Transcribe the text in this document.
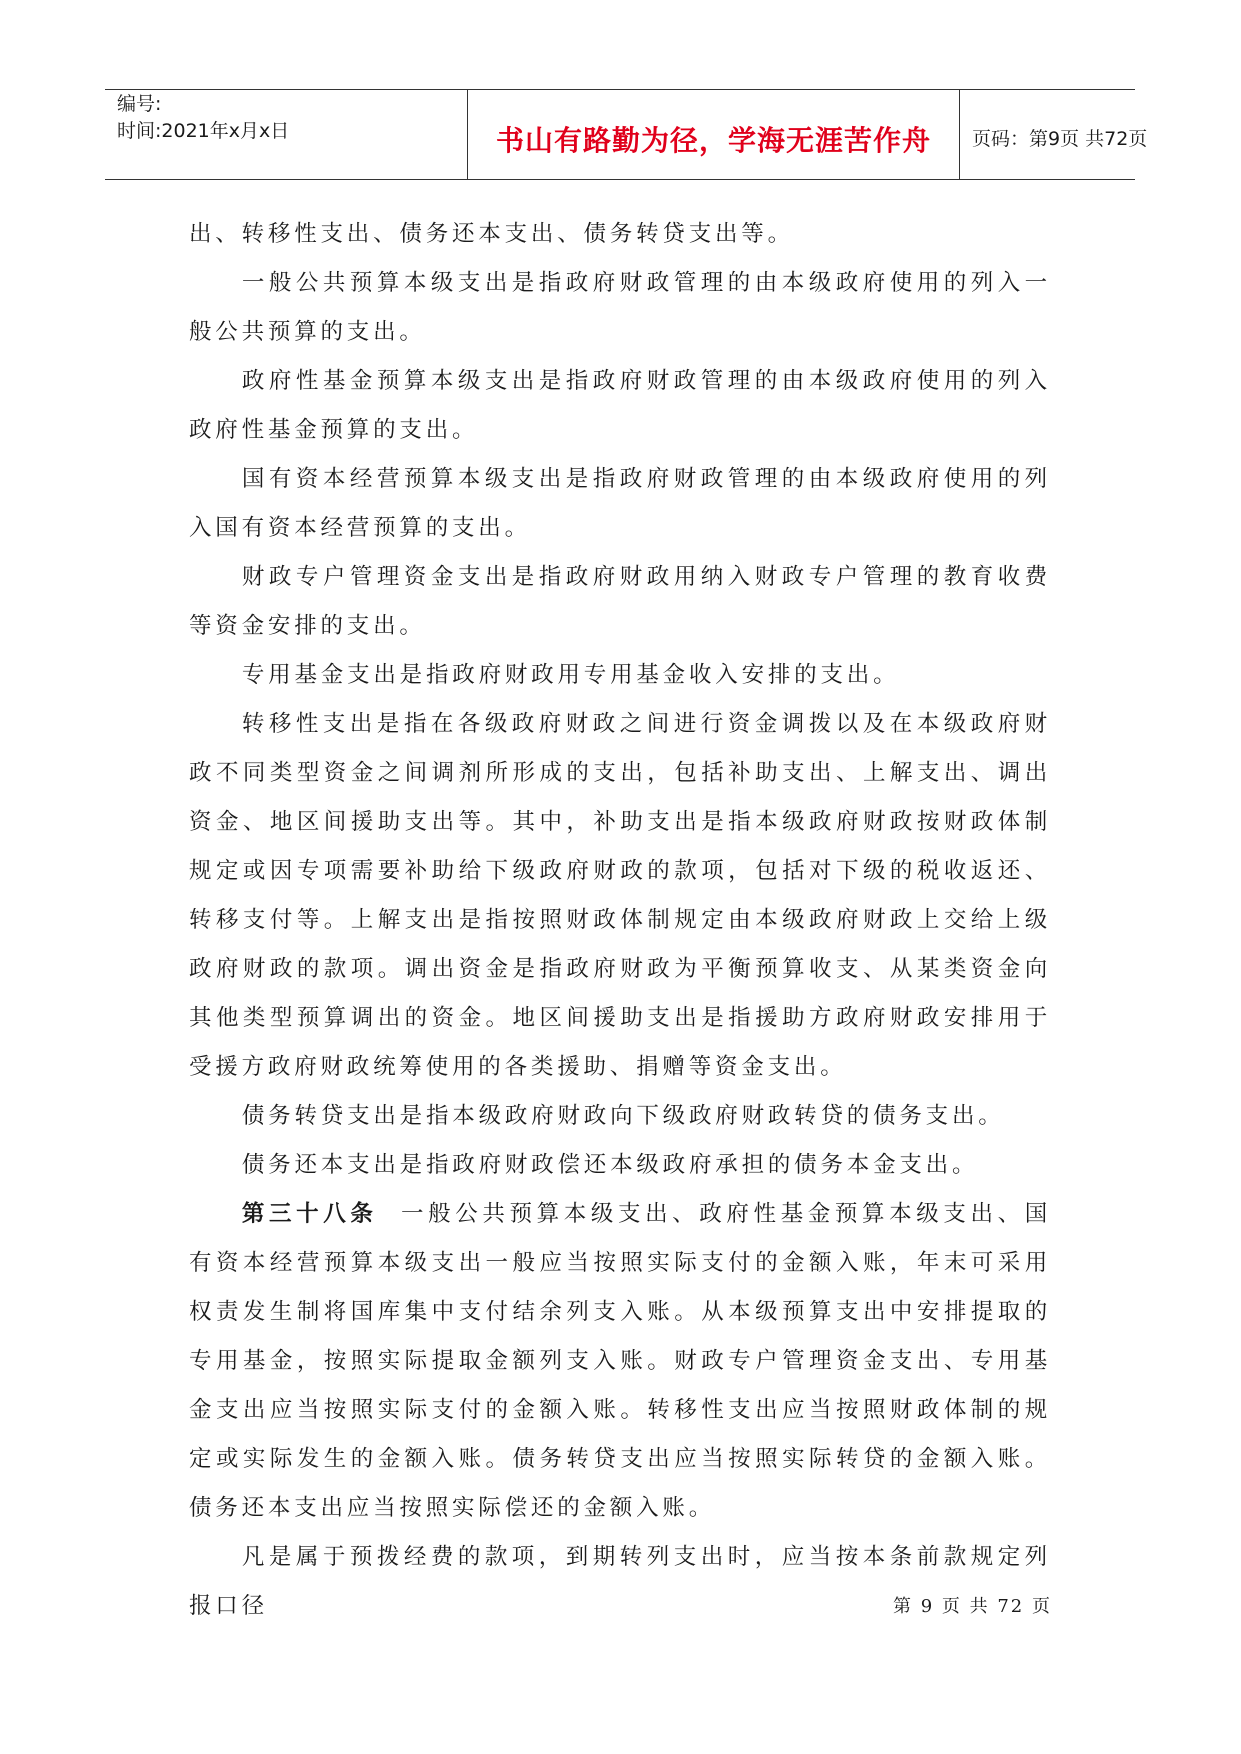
编号:
时间:2021年x月x日	书山有路勤为径，学海无涯苦作舟	页码：第9页 共72页

出、转移性支出、债务还本支出、债务转贷支出等。

一般公共预算本级支出是指政府财政管理的由本级政府使用的列入一般公共预算的支出。

政府性基金预算本级支出是指政府财政管理的由本级政府使用的列入政府性基金预算的支出。

国有资本经营预算本级支出是指政府财政管理的由本级政府使用的列入国有资本经营预算的支出。

财政专户管理资金支出是指政府财政用纳入财政专户管理的教育收费等资金安排的支出。

专用基金支出是指政府财政用专用基金收入安排的支出。

转移性支出是指在各级政府财政之间进行资金调拨以及在本级政府财政不同类型资金之间调剂所形成的支出，包括补助支出、上解支出、调出资金、地区间援助支出等。其中，补助支出是指本级政府财政按财政体制规定或因专项需要补助给下级政府财政的款项，包括对下级的税收返还、转移支付等。上解支出是指按照财政体制规定由本级政府财政上交给上级政府财政的款项。调出资金是指政府财政为平衡预算收支、从某类资金向其他类型预算调出的资金。地区间援助支出是指援助方政府财政安排用于受援方政府财政统筹使用的各类援助、捐赠等资金支出。

债务转贷支出是指本级政府财政向下级政府财政转贷的债务支出。

债务还本支出是指政府财政偿还本级政府承担的债务本金支出。

第三十八条 一般公共预算本级支出、政府性基金预算本级支出、国有资本经营预算本级支出一般应当按照实际支付的金额入账，年末可采用权责发生制将国库集中支付结余列支入账。从本级预算支出中安排提取的专用基金，按照实际提取金额列支入账。财政专户管理资金支出、专用基金支出应当按照实际支付的金额入账。转移性支出应当按照财政体制的规定或实际发生的金额入账。债务转贷支出应当按照实际转贷的金额入账。债务还本支出应当按照实际偿还的金额入账。

凡是属于预拨经费的款项，到期转列支出时，应当按本条前款规定列报口径	第 9 页 共 72 页
